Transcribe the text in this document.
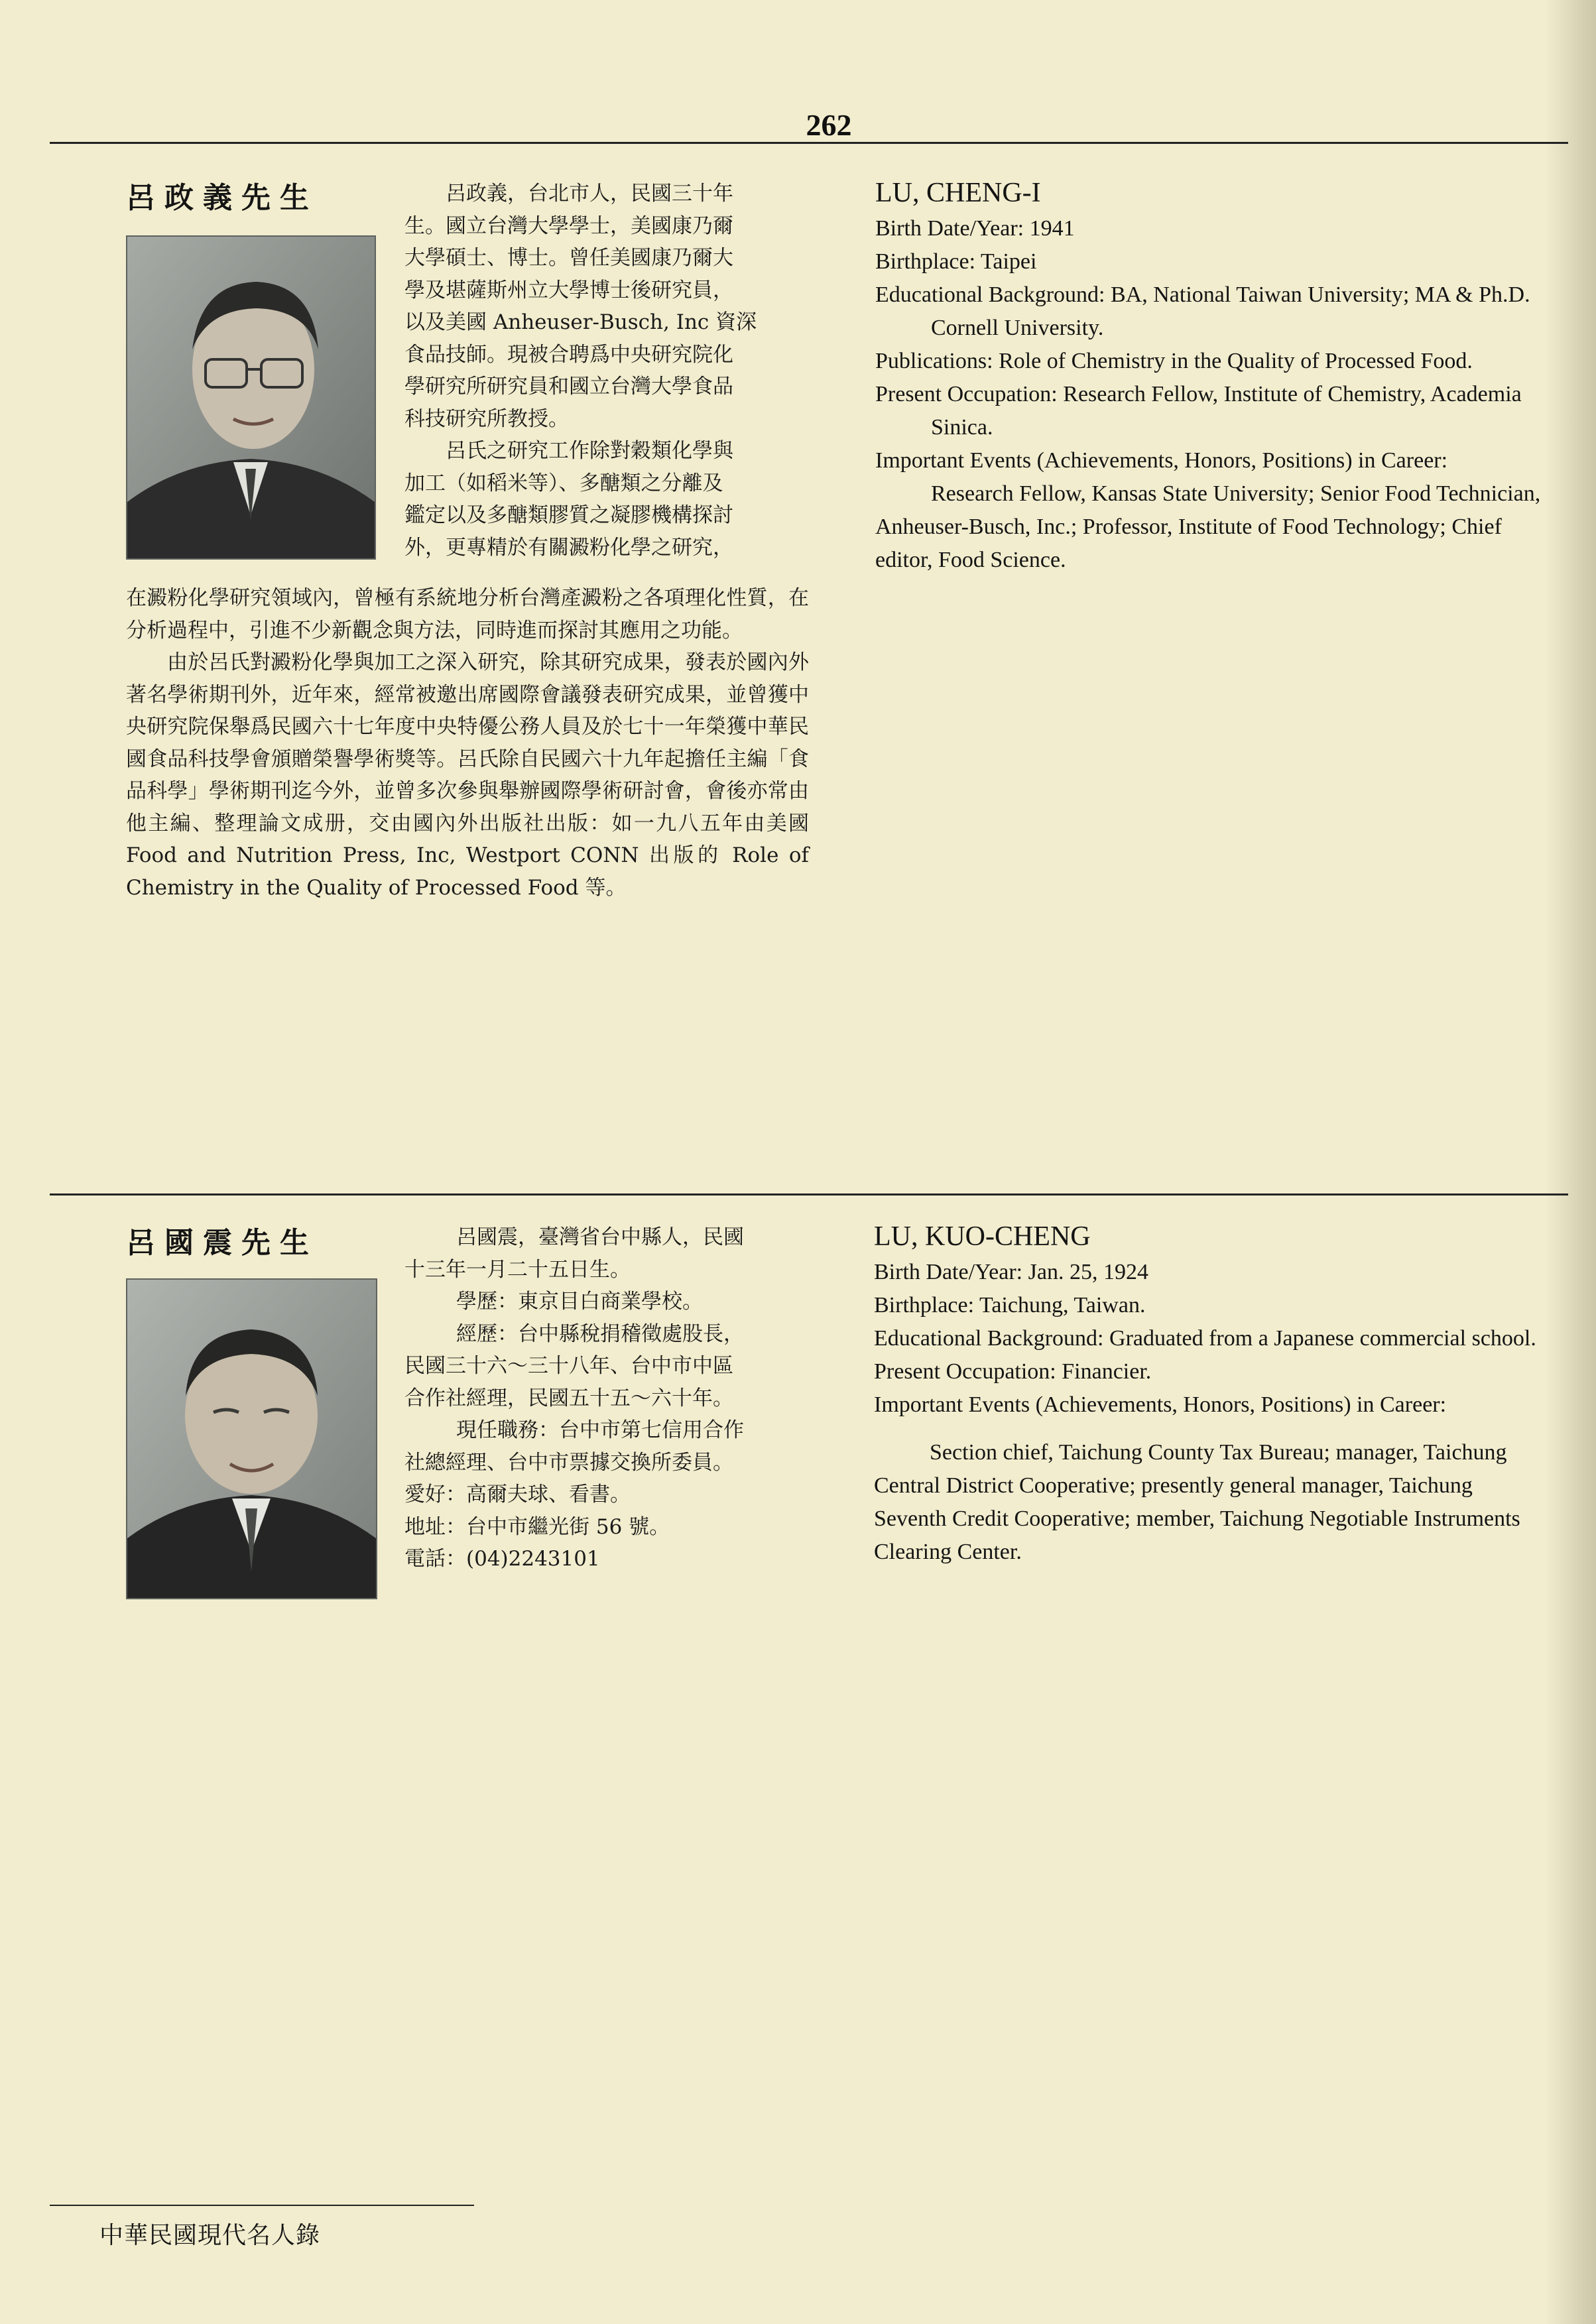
262
呂政義先生	呂政義，台北市人，民國三十年
生。國立台灣大學學士，美國康乃爾
大學碩士、博士。曾任美國康乃爾大
學及堪薩斯州立大學博士後研究員，
以及美國 Anheuser-Busch, Inc 資深
食品技師。現被合聘爲中央研究院化
學研究所研究員和國立台灣大學食品
科技研究所教授。
呂氏之研究工作除對穀類化學與
加工（如稻米等）、多醣類之分離及
鑑定以及多醣類膠質之凝膠機構探討
外，更專精於有關澱粉化學之研究，

在澱粉化學研究領域內，曾極有系統地分析台灣產澱粉之各項理化性質，在分析過程中，引進不少新觀念與方法，同時進而探討其應用之功能。

由於呂氏對澱粉化學與加工之深入研究，除其研究成果，發表於國內外著名學術期刊外，近年來，經常被邀出席國際會議發表研究成果，並曾獲中央研究院保舉爲民國六十七年度中央特優公務人員及於七十一年榮獲中華民國食品科技學會頒贈榮譽學術獎等。呂氏除自民國六十九年起擔任主編「食品科學」學術期刊迄今外，並曾多次參與舉辦國際學術研討會，會後亦常由他主編、整理論文成册，交由國內外出版社出版：如一九八五年由美國 Food and Nutrition Press, Inc, Westport CONN 出版的 Role of Chemistry in the Quality of Processed Food 等。

LU, CHENG-I
Birth Date/Year: 1941
Birthplace: Taipei
Educational Background: BA, National Taiwan University; MA & Ph.D. Cornell University.
Publications: Role of Chemistry in the Quality of Processed Food.
Present Occupation: Research Fellow, Institute of Chemistry, Academia Sinica.
Important Events (Achievements, Honors, Positions) in Career:
Research Fellow, Kansas State University; Senior Food Technician, Anheuser-Busch, Inc.; Professor, Institute of Food Technology; Chief editor, Food Science.
呂國震先生	呂國震，臺灣省台中縣人，民國
十三年一月二十五日生。
學歷：東京目白商業學校。
經歷：台中縣稅捐稽徵處股長，
民國三十六～三十八年、台中市中區
合作社經理，民國五十五～六十年。
現任職務：台中市第七信用合作
社總經理、台中市票據交換所委員。
愛好：高爾夫球、看書。
地址：台中市繼光街 56 號。
電話：(04)2243101
LU, KUO-CHENG
Birth Date/Year: Jan. 25, 1924
Birthplace: Taichung, Taiwan.
Educational Background: Graduated from a Japanese commercial school.
Present Occupation: Financier.
Important Events (Achievements, Honors, Positions) in Career:
Section chief, Taichung County Tax Bureau; manager, Taichung Central District Cooperative; presently general manager, Taichung Seventh Credit Cooperative; member, Taichung Negotiable Instruments Clearing Center.
中華民國現代名人錄
